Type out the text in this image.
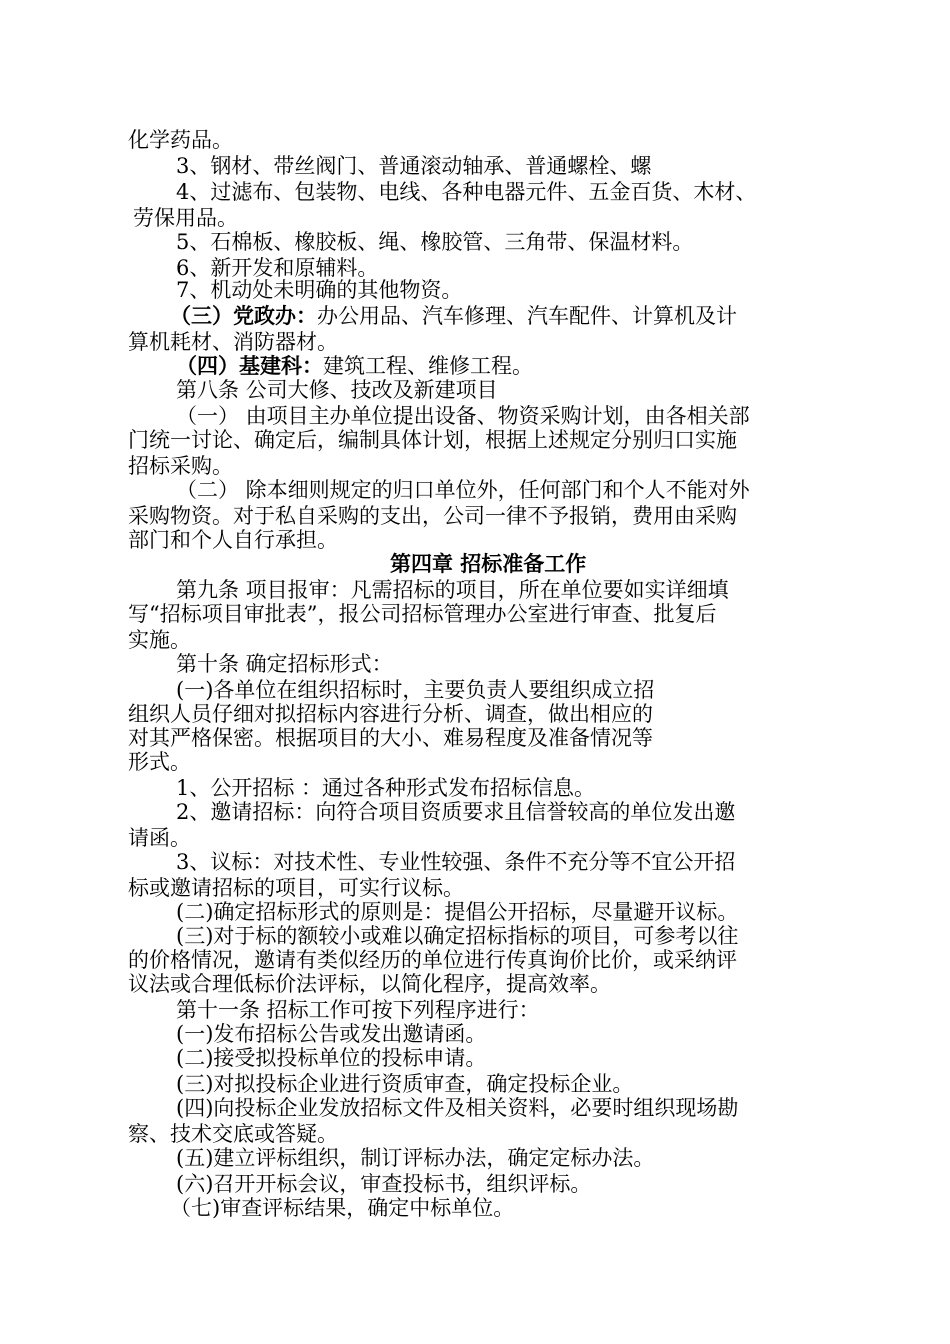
化学药品。
3、钢材、带丝阀门、普通滚动轴承、普通螺栓、螺
4、过滤布、包装物、电线、各种电器元件、五金百货、木材、
劳保用品。
5、石棉板、橡胶板、绳、橡胶管、三角带、保温材料。
6、新开发和原辅料。
7、机动处未明确的其他物资。
（三）党政办：办公用品、汽车修理、汽车配件、计算机及计
算机耗材、消防器材。
（四）基建科：建筑工程、维修工程。
第八条 公司大修、技改及新建项目
（一） 由项目主办单位提出设备、物资采购计划，由各相关部
门统一讨论、确定后，编制具体计划，根据上述规定分别归口实施
招标采购。
（二） 除本细则规定的归口单位外，任何部门和个人不能对外
采购物资。对于私自采购的支出，公司一律不予报销，费用由采购
部门和个人自行承担。
第四章 招标准备工作
第九条 项目报审：凡需招标的项目，所在单位要如实详细填
写“招标项目审批表”，报公司招标管理办公室进行审查、批复后
实施。
第十条 确定招标形式：
(一)各单位在组织招标时，主要负责人要组织成立招
组织人员仔细对拟招标内容进行分析、调查，做出相应的
对其严格保密。根据项目的大小、难易程度及准备情况等
形式。
1、公开招标 ：通过各种形式发布招标信息。
2、邀请招标：向符合项目资质要求且信誉较高的单位发出邀
请函。
3、议标：对技术性、专业性较强、条件不充分等不宜公开招
标或邀请招标的项目，可实行议标。
(二)确定招标形式的原则是：提倡公开招标，尽量避开议标。
(三)对于标的额较小或难以确定招标指标的项目，可参考以往
的价格情况，邀请有类似经历的单位进行传真询价比价，或采纳评
议法或合理低标价法评标，以简化程序，提高效率。
第十一条 招标工作可按下列程序进行：
(一)发布招标公告或发出邀请函。
(二)接受拟投标单位的投标申请。
(三)对拟投标企业进行资质审查，确定投标企业。
(四)向投标企业发放招标文件及相关资料，必要时组织现场勘
察、技术交底或答疑。
(五)建立评标组织，制订评标办法，确定定标办法。
(六)召开开标会议，审查投标书，组织评标。
（七)审查评标结果，确定中标单位。
